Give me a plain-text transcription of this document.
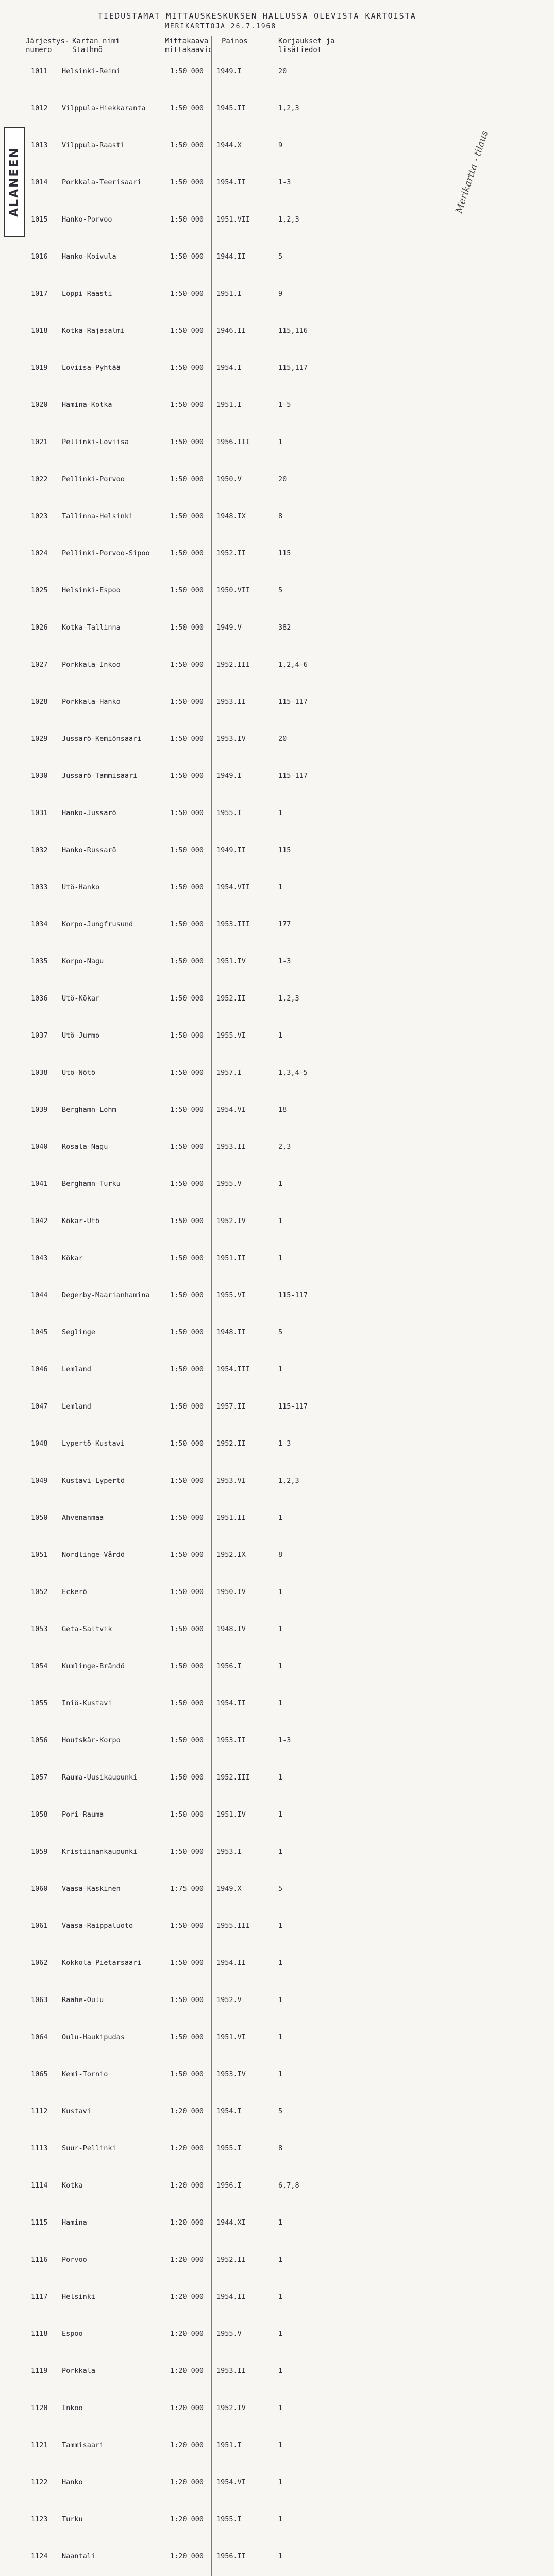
TIEDUSTAMAT MITTAUSKESKUKSEN HALLUSSA OLEVISTA KARTOISTA
MERIKARTTOJA 26.7.1968
Järjestys-
numero
Kartan nimi
Stathmö
Mittakaava
mittakaavio
Painos	Korjaukset ja
lisätiedot
ALANEEN	Merikartta - tilaus
1011 Helsinki-Reimi	1:50 000 1949.I	20
1012 Vilppula-Hiekkaranta	1:50 000 1945.II	1,2,3
1013 Vilppula-Raasti	1:50 000 1944.X	9
1014 Porkkala-Teerisaari	1:50 000 1954.II	1-3
1015 Hanko-Porvoo	1:50 000 1951.VII	1,2,3
1016 Hanko-Koivula	1:50 000 1944.II	5
1017 Loppi-Raasti	1:50 000 1951.I	9
1018 Kotka-Rajasalmi	1:50 000 1946.II	115,116
1019 Loviisa-Pyhtää	1:50 000 1954.I	115,117
1020 Hamina-Kotka	1:50 000 1951.I	1-5
1021 Pellinki-Loviisa	1:50 000 1956.III	1
1022 Pellinki-Porvoo	1:50 000 1950.V	20
1023 Tallinna-Helsinki	1:50 000 1948.IX	8
1024 Pellinki-Porvoo-Sipoo	1:50 000 1952.II	115
1025 Helsinki-Espoo	1:50 000 1950.VII	5
1026 Kotka-Tallinna	1:50 000 1949.V	382
1027 Porkkala-Inkoo	1:50 000 1952.III	1,2,4-6
1028 Porkkala-Hanko	1:50 000 1953.II	115-117
1029 Jussarö-Kemiönsaari	1:50 000 1953.IV	20
1030 Jussarö-Tammisaari	1:50 000 1949.I	115-117
1031 Hanko-Jussarö	1:50 000 1955.I	1
1032 Hanko-Russarö	1:50 000 1949.II	115
1033 Utö-Hanko	1:50 000 1954.VII	1
1034 Korpo-Jungfrusund	1:50 000 1953.III	177
1035 Korpo-Nagu	1:50 000 1951.IV	1-3
1036 Utö-Kökar	1:50 000 1952.II	1,2,3
1037 Utö-Jurmo	1:50 000 1955.VI	1
1038 Utö-Nötö	1:50 000 1957.I	1,3,4-5
1039 Berghamn-Lohm	1:50 000 1954.VI	18
1040 Rosala-Nagu	1:50 000 1953.II	2,3
1041 Berghamn-Turku	1:50 000 1955.V	1
1042 Kökar-Utö	1:50 000 1952.IV	1
1043 Kökar	1:50 000 1951.II	1
1044 Degerby-Maarianhamina	1:50 000 1955.VI	115-117
1045 Seglinge	1:50 000 1948.II	5
1046 Lemland	1:50 000 1954.III	1
1047 Lemland	1:50 000 1957.II	115-117
1048 Lypertö-Kustavi	1:50 000 1952.II	1-3
1049 Kustavi-Lypertö	1:50 000 1953.VI	1,2,3
1050 Ahvenanmaa	1:50 000 1951.II	1
1051 Nordlinge-Vårdö	1:50 000 1952.IX	8
1052 Eckerö	1:50 000 1950.IV	1
1053 Geta-Saltvik	1:50 000 1948.IV	1
1054 Kumlinge-Brändö	1:50 000 1956.I	1
1055 Iniö-Kustavi	1:50 000 1954.II	1
1056 Houtskär-Korpo	1:50 000 1953.II	1-3
1057 Rauma-Uusikaupunki	1:50 000 1952.III	1
1058 Pori-Rauma	1:50 000 1951.IV	1
1059 Kristiinankaupunki	1:50 000 1953.I	1
1060 Vaasa-Kaskinen	1:75 000 1949.X	5
1061 Vaasa-Raippaluoto	1:50 000 1955.III	1
1062 Kokkola-Pietarsaari	1:50 000 1954.II	1
1063 Raahe-Oulu	1:50 000 1952.V	1
1064 Oulu-Haukipudas	1:50 000 1951.VI	1
1065 Kemi-Tornio	1:50 000 1953.IV	1
1112 Kustavi	1:20 000 1954.I	5
1113 Suur-Pellinki	1:20 000 1955.I	8
1114 Kotka	1:20 000 1956.I	6,7,8
1115 Hamina	1:20 000 1944.XI	1
1116 Porvoo	1:20 000 1952.II	1
1117 Helsinki	1:20 000 1954.II	1
1118 Espoo	1:20 000 1955.V	1
1119 Porkkala	1:20 000 1953.II	1
1120 Inkoo	1:20 000 1952.IV	1
1121 Tammisaari	1:20 000 1951.I	1
1122 Hanko	1:20 000 1954.VI	1
1123 Turku	1:20 000 1955.I	1
1124 Naantali	1:20 000 1956.II	1
